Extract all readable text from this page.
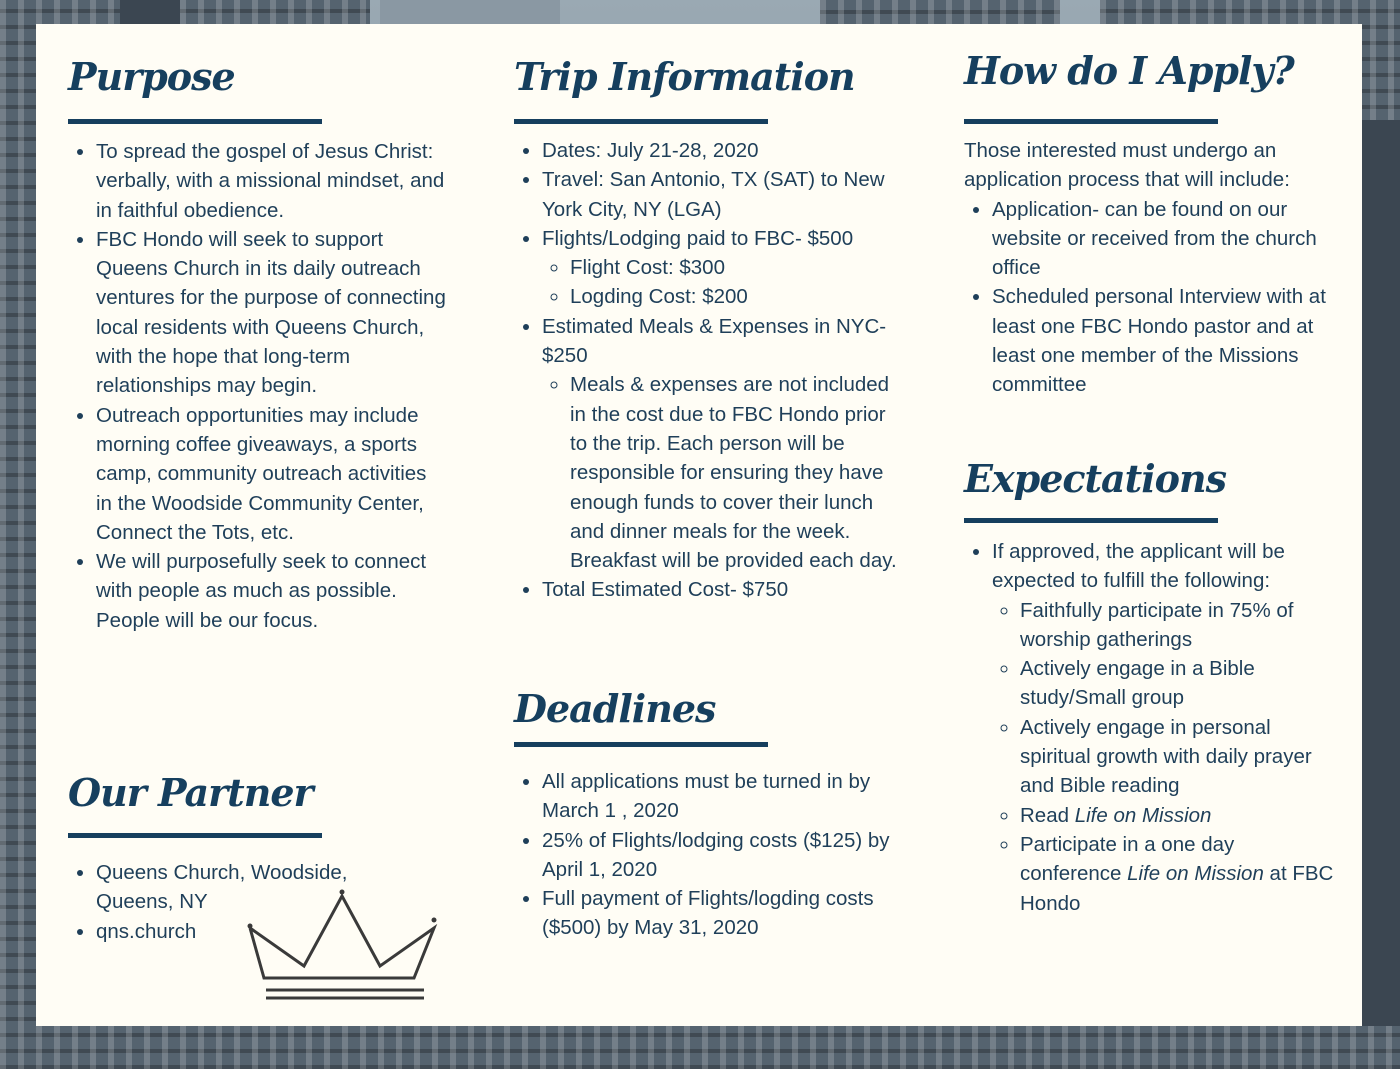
Purpose
• To spread the gospel of Jesus Christ: verbally, with a missional mindset, and in faithful obedience.
• FBC Hondo will seek to support Queens Church in its daily outreach ventures for the purpose of connecting local residents with Queens Church, with the hope that long-term relationships may begin.
• Outreach opportunities may include morning coffee giveaways, a sports camp, community outreach activities in the Woodside Community Center, Connect the Tots, etc.
• We will purposefully seek to connect with people as much as possible. People will be our focus.
Our Partner
• Queens Church, Woodside, Queens, NY
• qns.church
Trip Information
• Dates: July 21-28, 2020
• Travel: San Antonio, TX (SAT) to New York City, NY (LGA)
• Flights/Lodging paid to FBC- $500
◦ Flight Cost: $300
◦ Logding Cost: $200
• Estimated Meals & Expenses in NYC- $250
◦ Meals & expenses are not included in the cost due to FBC Hondo prior to the trip. Each person will be responsible for ensuring they have enough funds to cover their lunch and dinner meals for the week. Breakfast will be provided each day.
• Total Estimated Cost- $750
Deadlines
• All applications must be turned in by March 1 , 2020
• 25% of Flights/lodging costs ($125) by April 1, 2020
• Full payment of Flights/logding costs ($500) by May 31, 2020
How do I Apply?

Those interested must undergo an application process that will include:

• Application- can be found on our website or received from the church office
• Scheduled personal Interview with at least one FBC Hondo pastor and at least one member of the Missions committee
Expectations
• If approved, the applicant will be expected to fulfill the following:
◦ Faithfully participate in 75% of worship gatherings
◦ Actively engage in a Bible study/Small group
◦ Actively engage in personal spiritual growth with daily prayer and Bible reading
◦ Read Life on Mission
◦ Participate in a one day conference Life on Mission at FBC Hondo
